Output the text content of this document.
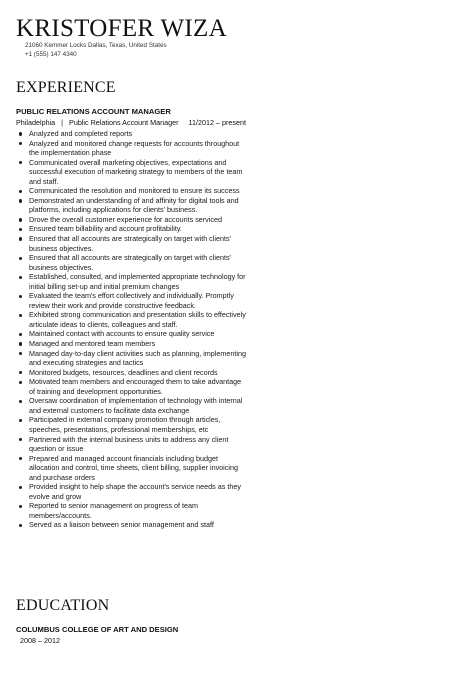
KRISTOFER WIZA
21060 Kemmer Locks Dallas, Texas, United States
+1 (555) 147 4340
EXPERIENCE
PUBLIC RELATIONS ACCOUNT MANAGER
Philadelphia | Public Relations Account Manager 11/2012 – present
Analyzed and completed reports
Analyzed and monitored change requests for accounts throughout the implementation phase
Communicated overall marketing objectives, expectations and successful execution of marketing strategy to members of the team and staff.
Communicated the resolution and monitored to ensure its success
Demonstrated an understanding of and affinity for digital tools and platforms, including applications for clients' business.
Drove the overall customer experience for accounts serviced
Ensured team billability and account profitability.
Ensured that all accounts are strategically on target with clients' business objectives.
Ensured that all accounts are strategically on target with clients' business objectives.
Established, consulted, and implemented appropriate technology for initial billing set-up and initial premium changes
Evaluated the team's effort collectively and individually. Promptly review their work and provide constructive feedback.
Exhibited strong communication and presentation skills to effectively articulate ideas to clients, colleagues and staff.
Maintained contact with accounts to ensure quality service
Managed and mentored team members
Managed day-to-day client activities such as planning, implementing and executing strategies and tactics
Monitored budgets, resources, deadlines and client records
Motivated team members and encouraged them to take advantage of training and development opportunities.
Oversaw coordination of implementation of technology with internal and external customers to facilitate data exchange
Participated in external company promotion through articles, speeches, presentations, professional memberships, etc
Partnered with the internal business units to address any client question or issue
Prepared and managed account financials including budget allocation and control, time sheets, client billing, supplier invoicing and purchase orders
Provided insight to help shape the account's service needs as they evolve and grow
Reported to senior management on progress of team members/accounts.
Served as a liaison between senior management and staff
EDUCATION
COLUMBUS COLLEGE OF ART AND DESIGN
2008 – 2012
